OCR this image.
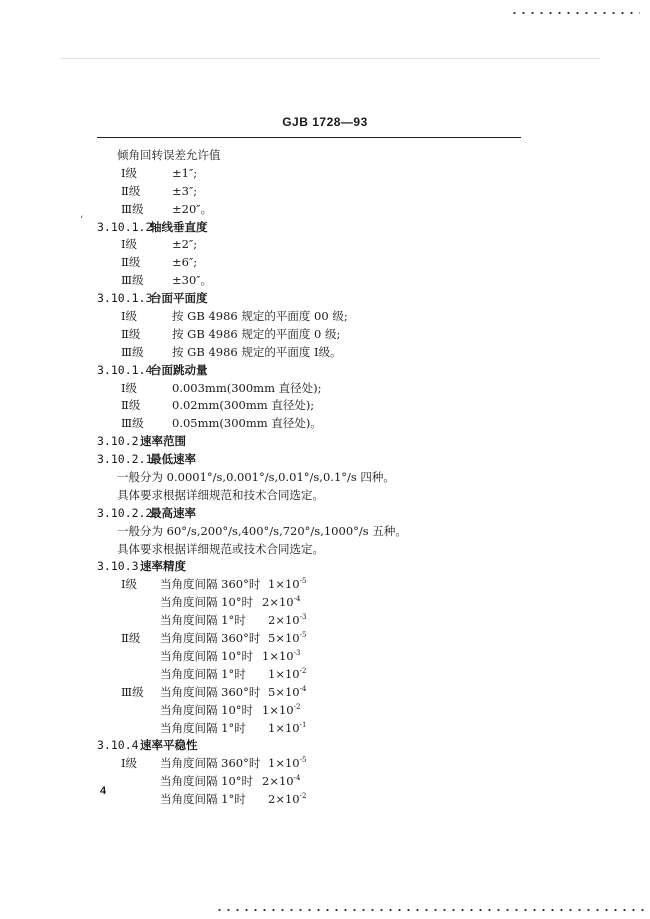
GJB 1728—93
‘
倾角回转误差允许值
Ⅰ级	±1″;
Ⅱ级	±3″;
Ⅲ级 ±20″。
3.10.1.2
轴线垂直度
Ⅰ级	±2″;
Ⅱ级	±6″;
Ⅲ级 ±30″。
3.10.1.3
台面平面度
Ⅰ级	按 GB 4986 规定的平面度 00 级;
Ⅱ级	按 GB 4986 规定的平面度 0 级;
Ⅲ级 按 GB 4986 规定的平面度 Ⅰ级。
3.10.1.4
台面跳动量
Ⅰ级	0.003mm(300mm 直径处);
Ⅱ级	0.02mm(300mm 直径处);
Ⅲ级 0.05mm(300mm 直径处)。
3.10.2 速率范围
3.10.2.1
最低速率
一般分为 0.0001°/s,0.001°/s,0.01°/s,0.1°/s 四种。
具体要求根据详细规范和技术合同选定。
3.10.2.2
最高速率
一般分为 60°/s,200°/s,400°/s,720°/s,1000°/s 五种。
具体要求根据详细规范或技术合同选定。
3.10.3 速率精度
Ⅰ级 当角度间隔 360°时 $1\times 10^{-5}$
当角度间隔 10°时 $2\times 10^{-4}$
当角度间隔 1°时 $2\times 10^{-3}$
Ⅱ级 当角度间隔 360°时 $5\times 10^{-5}$
当角度间隔 10°时 $1\times 10^{-3}$
当角度间隔 1°时 $1\times 10^{-2}$
Ⅲ级 当角度间隔 360°时 $5\times 10^{-4}$
当角度间隔 10°时 $1\times 10^{-2}$
当角度间隔 1°时 $1\times 10^{-1}$
3.10.4 速率平稳性
Ⅰ级 当角度间隔 360°时 $1\times 10^{-5}$
当角度间隔 10°时 $2\times 10^{-4}$
当角度间隔 1°时 $2\times 10^{-2}$
4
